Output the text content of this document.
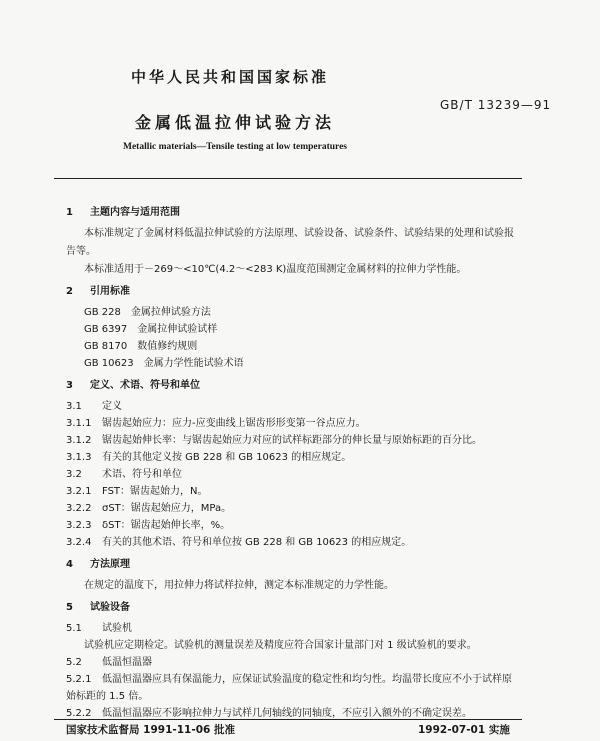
中华人民共和国国家标准
GB/T 13239—91
金属低温拉伸试验方法
Metallic materials—Tensile testing at low temperatures
1 主题内容与适用范围
本标准规定了金属材料低温拉伸试验的方法原理、试验设备、试验条件、试验结果的处理和试验报
告等。
本标准适用于－269～<10℃(4.2～<283 K)温度范围测定金属材料的拉伸力学性能。
2 引用标准
GB 228　金属拉伸试验方法
GB 6397　金属拉伸试验试样
GB 8170　数值修约规则
GB 10623　金属力学性能试验术语
3 定义、术语、符号和单位
3.1 定义
3.1.1 锯齿起始应力：应力-应变曲线上锯齿形形变第一谷点应力。
3.1.2 锯齿起始伸长率：与锯齿起始应力对应的试样标距部分的伸长量与原始标距的百分比。
3.1.3 有关的其他定义按 GB 228 和 GB 10623 的相应规定。
3.2 术语、符号和单位
3.2.1 FST：锯齿起始力，N。
3.2.2 σST：锯齿起始应力，MPa。
3.2.3 δST：锯齿起始伸长率，%。
3.2.4 有关的其他术语、符号和单位按 GB 228 和 GB 10623 的相应规定。
4 方法原理
在规定的温度下，用拉伸力将试样拉伸，测定本标准规定的力学性能。
5 试验设备
5.1 试验机
试验机应定期检定。试验机的测量误差及精度应符合国家计量部门对 1 级试验机的要求。
5.2 低温恒温器
5.2.1 低温恒温器应具有保温能力，应保证试验温度的稳定性和均匀性。均温带长度应不小于试样原
始标距的 1.5 倍。
5.2.2 低温恒温器应不影响拉伸力与试样几何轴线的同轴度，不应引入额外的不确定误差。
国家技术监督局 1991-11-06 批准	1992-07-01 实施
